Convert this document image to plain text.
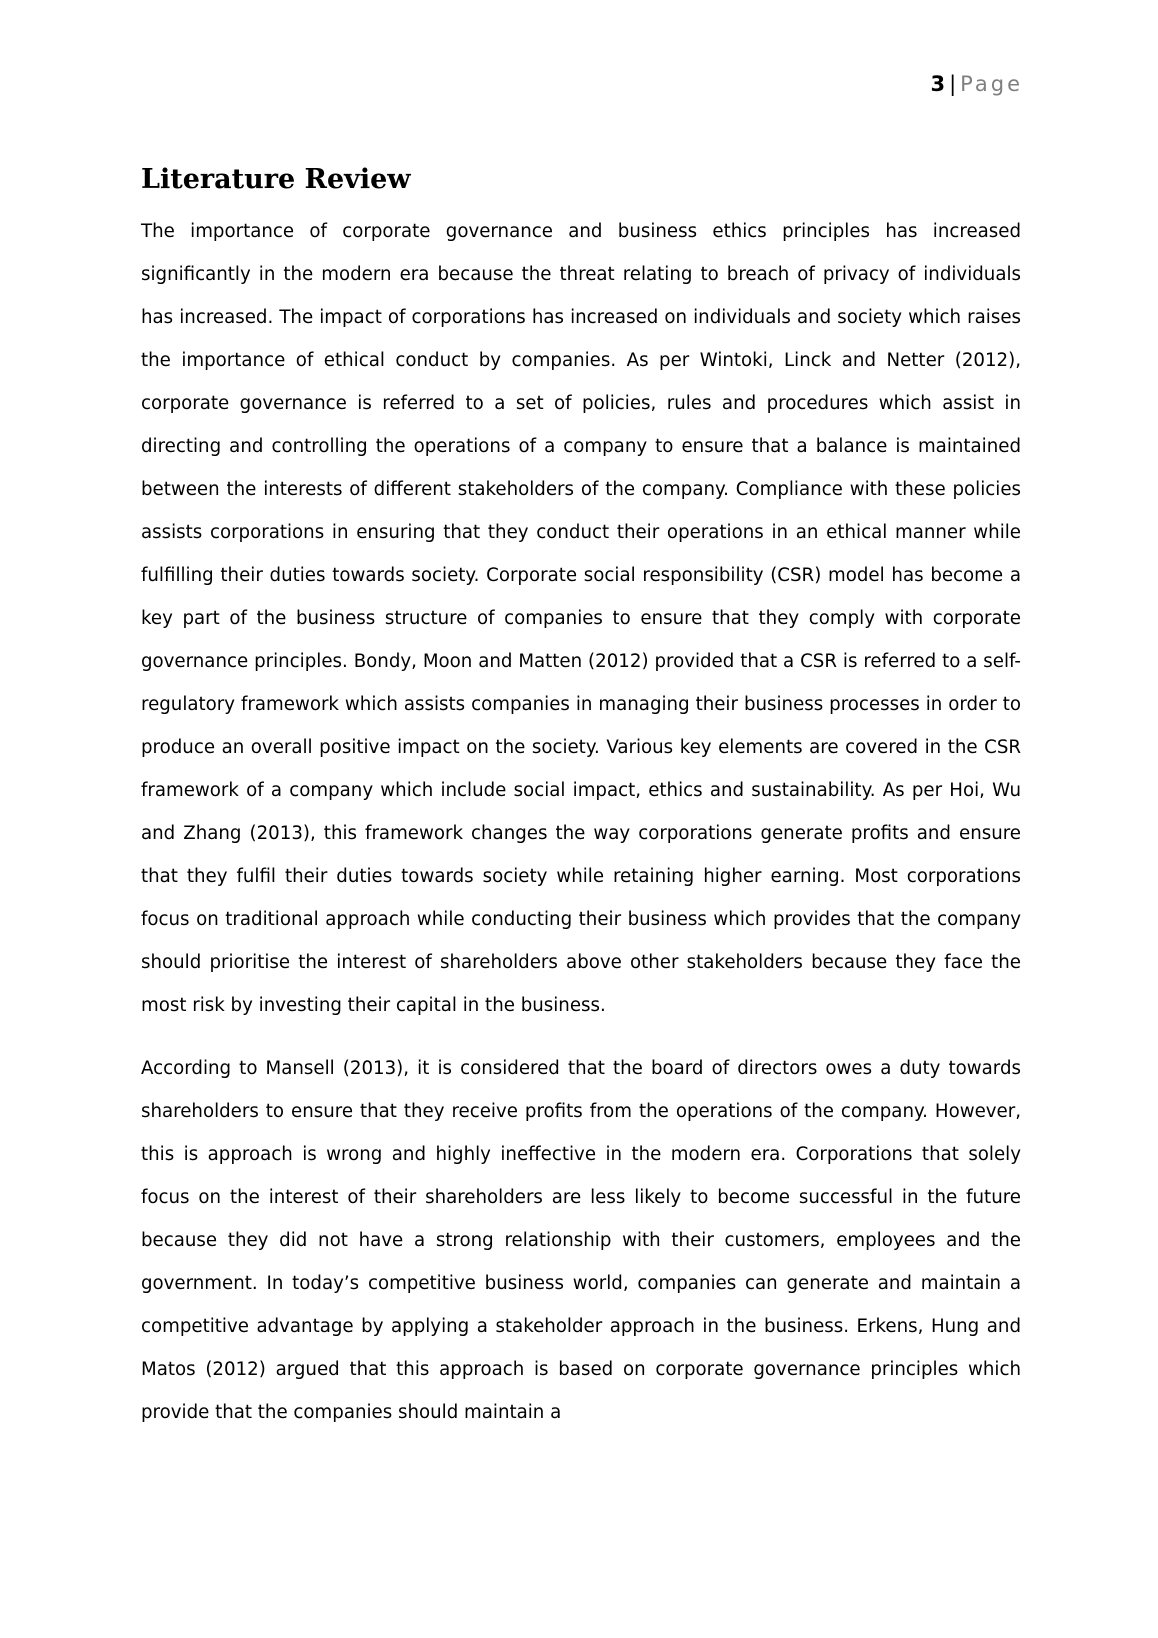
3 | Page
Literature Review

The importance of corporate governance and business ethics principles has increased significantly in the modern era because the threat relating to breach of privacy of individuals has increased. The impact of corporations has increased on individuals and society which raises the importance of ethical conduct by companies. As per Wintoki, Linck and Netter (2012), corporate governance is referred to a set of policies, rules and procedures which assist in directing and controlling the operations of a company to ensure that a balance is maintained between the interests of different stakeholders of the company. Compliance with these policies assists corporations in ensuring that they conduct their operations in an ethical manner while fulfilling their duties towards society. Corporate social responsibility (CSR) model has become a key part of the business structure of companies to ensure that they comply with corporate governance principles. Bondy, Moon and Matten (2012) provided that a CSR is referred to a self-regulatory framework which assists companies in managing their business processes in order to produce an overall positive impact on the society. Various key elements are covered in the CSR framework of a company which include social impact, ethics and sustainability. As per Hoi, Wu and Zhang (2013), this framework changes the way corporations generate profits and ensure that they fulfil their duties towards society while retaining higher earning. Most corporations focus on traditional approach while conducting their business which provides that the company should prioritise the interest of shareholders above other stakeholders because they face the most risk by investing their capital in the business.

According to Mansell (2013), it is considered that the board of directors owes a duty towards shareholders to ensure that they receive profits from the operations of the company. However, this is approach is wrong and highly ineffective in the modern era. Corporations that solely focus on the interest of their shareholders are less likely to become successful in the future because they did not have a strong relationship with their customers, employees and the government. In today’s competitive business world, companies can generate and maintain a competitive advantage by applying a stakeholder approach in the business. Erkens, Hung and Matos (2012) argued that this approach is based on corporate governance principles which provide that the companies should maintain a
